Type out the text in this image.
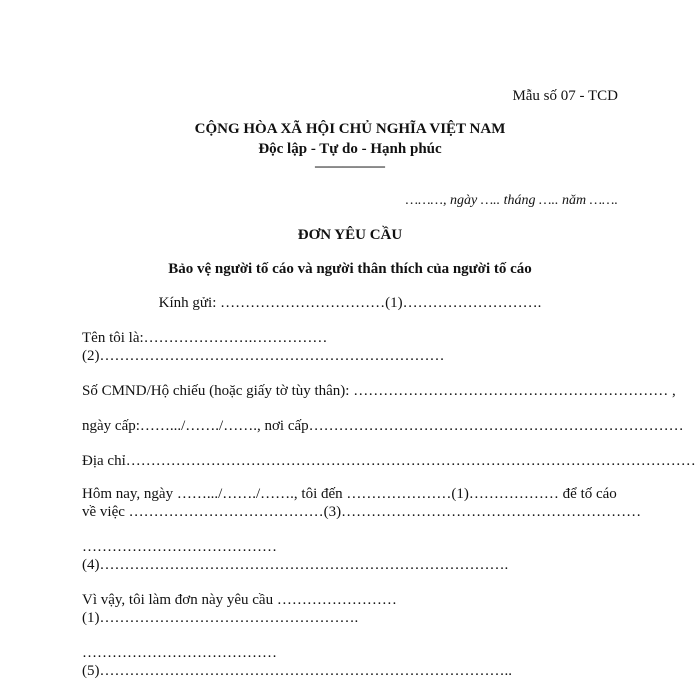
Mẫu số 07 - TCD
CỘNG HÒA XÃ HỘI CHỦ NGHĨA VIỆT NAM
Độc lập - Tự do - Hạnh phúc
—————
………, ngày ….. tháng ….. năm …….
ĐƠN YÊU CẦU
Bảo vệ người tố cáo và người thân thích của người tố cáo
Kính gửi: ……………………………(1)……………………….
Tên tôi là:………………….……………
(2)……………………………………………………………
Số CMND/Hộ chiếu (hoặc giấy tờ tùy thân): ……………………………………………………… ,
ngày cấp:…….../……./……., nơi cấp…………………………………………………………………
Địa chỉ……………………………………………………………………………………………………
Hôm nay, ngày …….../……./……., tôi đến …………………(1)……………… để tố cáo
về việc …………………………………(3)……………………………………………………
…………………………………
(4)……………………………………………………………………….
Vì vậy, tôi làm đơn này yêu cầu ……………………
(1)…………………………………………….
…………………………………
(5)………………………………………………………………………..
